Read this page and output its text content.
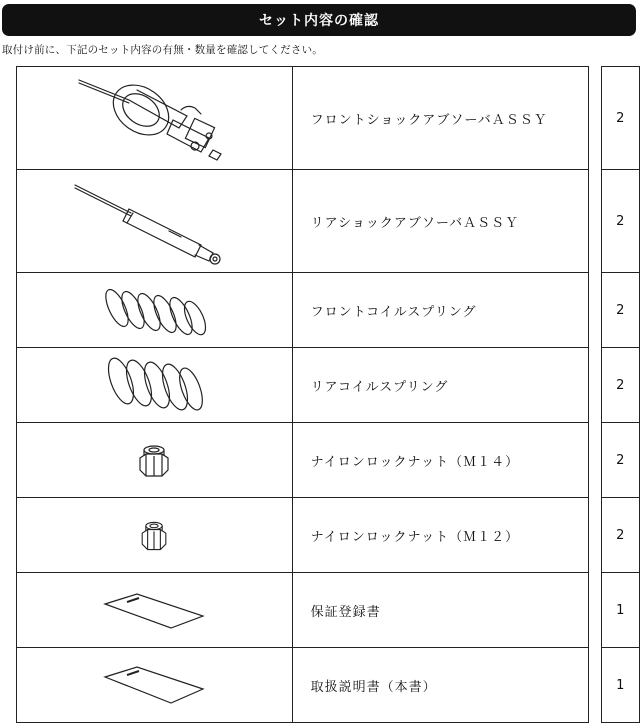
セット内容の確認
取付け前に、下記のセット内容の有無・数量を確認してください。
	フロントショックアブソーバＡＳＳＹ		2

	リアショックアブソーバＡＳＳＹ		2

	フロントコイルスプリング		2

	リアコイルスプリング		2

	ナイロンロックナット（Ｍ１４）		2

	ナイロンロックナット（Ｍ１２）		2

	保証登録書		1

	取扱説明書（本書）		1
